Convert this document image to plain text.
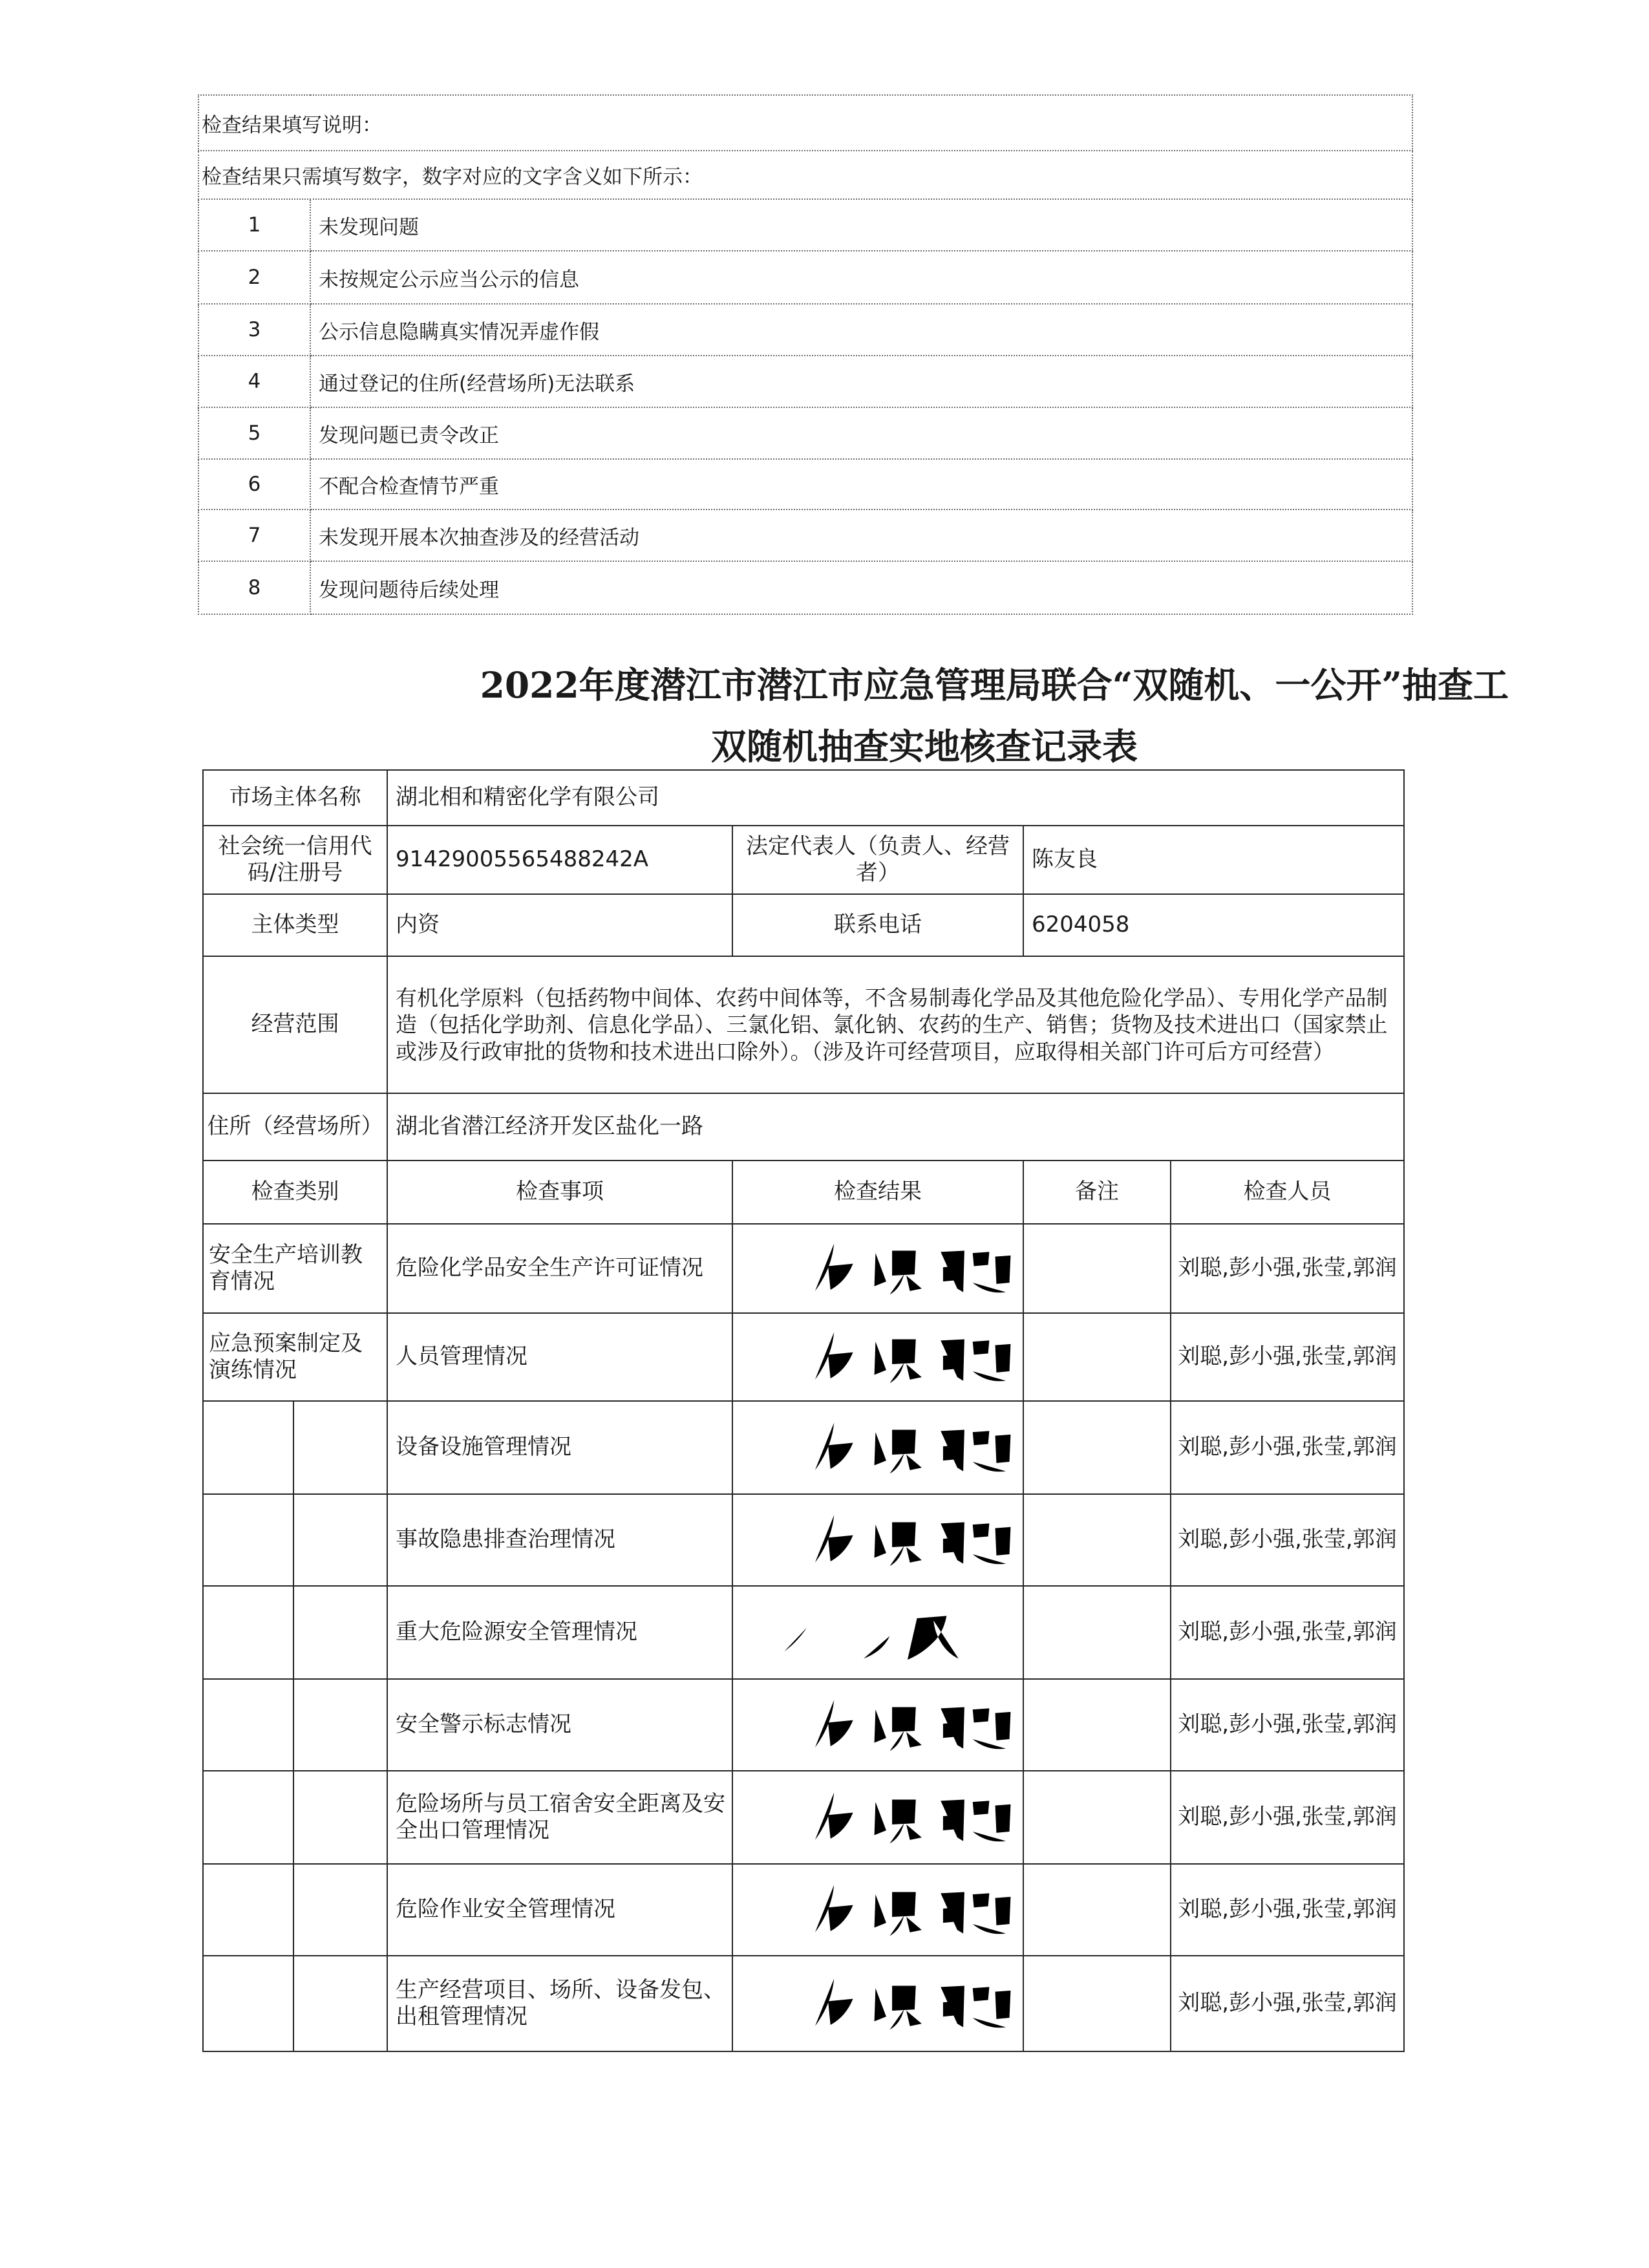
检查结果填写说明：	
检查结果只需填写数字，数字对应的文字含义如下所示：	
1	未发现问题
2	未按规定公示应当公示的信息
3	公示信息隐瞒真实情况弄虚作假
4	通过登记的住所(经营场所)无法联系
5	发现问题已责令改正
6	不配合检查情节严重
7	未发现开展本次抽查涉及的经营活动
8	发现问题待后续处理
2022年度潜江市潜江市应急管理局联合“双随机、一公开”抽查工
双随机抽查实地核查记录表
市场主体名称		湖北相和精密化学有限公司			
社会统一信用代码/注册号		91429005565488242A	法定代表人（负责人、经营者）	陈友良	
主体类型		内资	联系电话	6204058	
经营范围		有机化学原料（包括药物中间体、农药中间体等，不含易制毒化学品及其他危险化学品）、专用化学产品制造（包括化学助剂、信息化学品）、三氯化铝、氯化钠、农药的生产、销售；货物及技术进出口（国家禁止或涉及行政审批的货物和技术进出口除外）。（涉及许可经营项目，应取得相关部门许可后方可经营）			
住所（经营场所）		湖北省潜江经济开发区盐化一路			
检查类别		检查事项	检查结果	备注	检查人员
安全生产培训教育情况		危险化学品安全生产许可证情况			刘聪,彭小强,张莹,郭润
应急预案制定及演练情况		人员管理情况			刘聪,彭小强,张莹,郭润
		设备设施管理情况			刘聪,彭小强,张莹,郭润
		事故隐患排查治理情况			刘聪,彭小强,张莹,郭润
		重大危险源安全管理情况			刘聪,彭小强,张莹,郭润
		安全警示标志情况			刘聪,彭小强,张莹,郭润
		危险场所与员工宿舍安全距离及安全出口管理情况			刘聪,彭小强,张莹,郭润
		危险作业安全管理情况			刘聪,彭小强,张莹,郭润
		生产经营项目、场所、设备发包、出租管理情况			刘聪,彭小强,张莹,郭润
